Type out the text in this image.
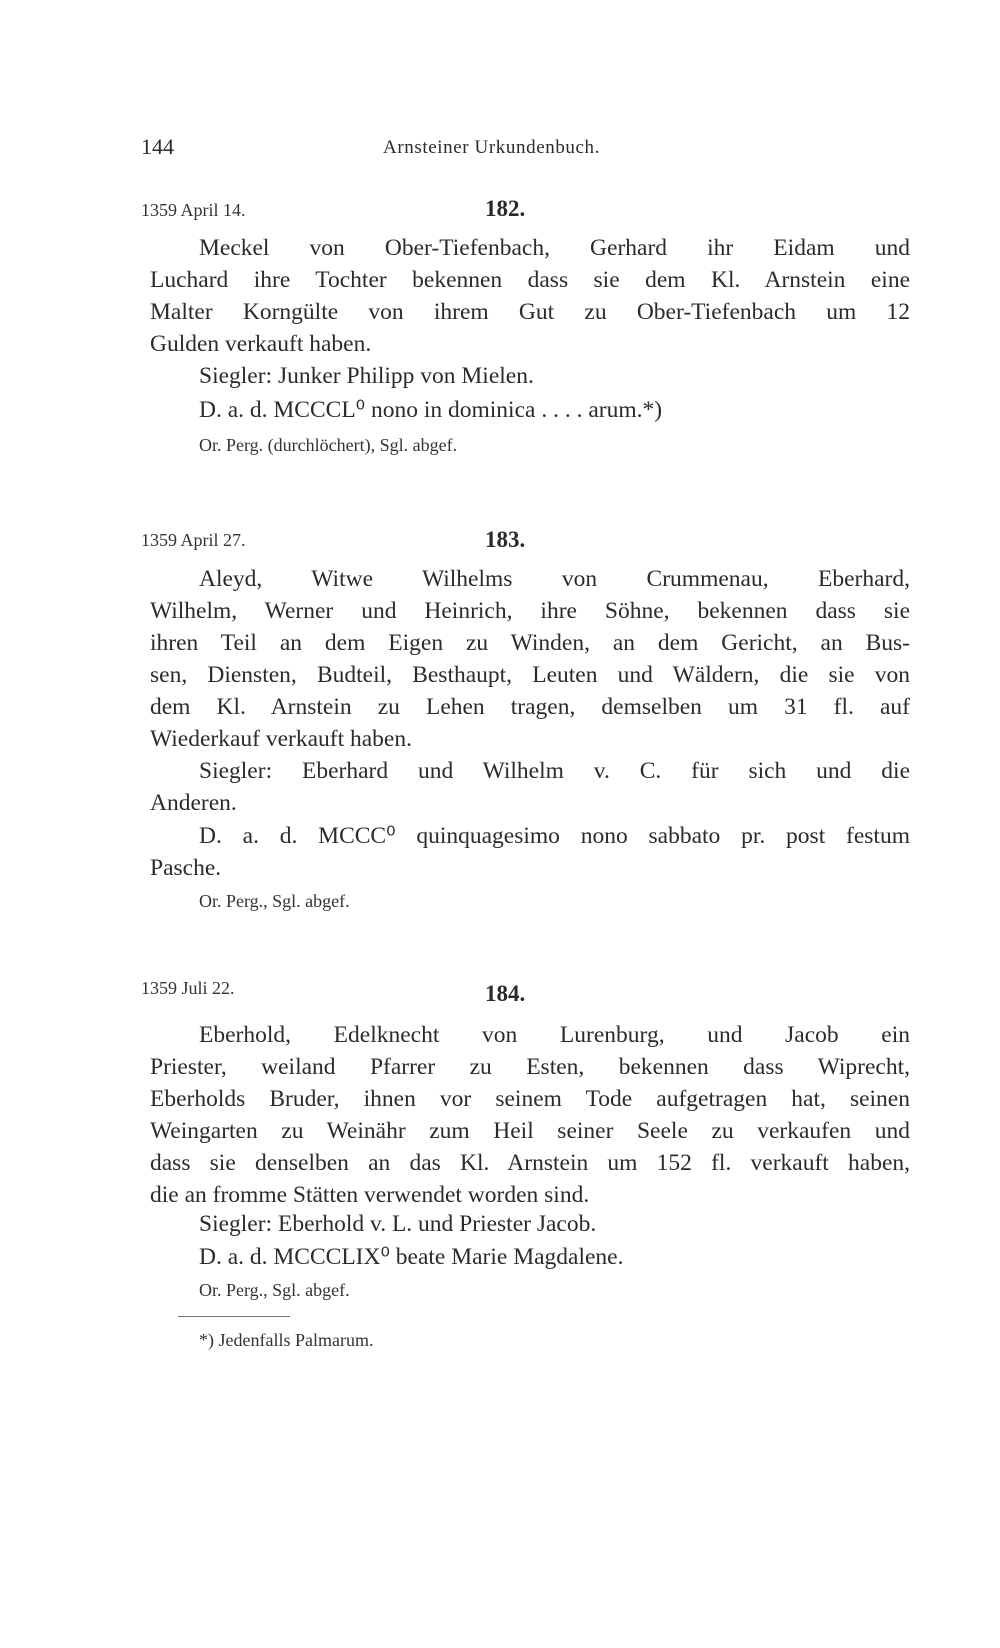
144	Arnsteiner Urkundenbuch.
1359 April 14.	182.
Meckel von Ober-Tiefenbach, Gerhard ihr Eidam und
Luchard ihre Tochter bekennen dass sie dem Kl. Arnstein eine
Malter Korngülte von ihrem Gut zu Ober-Tiefenbach um 12
Gulden verkauft haben.
Siegler: Junker Philipp von Mielen.
D. a. d. MCCCL⁰ nono in dominica . . . . arum.*)
Or. Perg. (durchlöchert), Sgl. abgef.
1359 April 27.	183.
Aleyd, Witwe Wilhelms von Crummenau, Eberhard,
Wilhelm, Werner und Heinrich, ihre Söhne, bekennen dass sie
ihren Teil an dem Eigen zu Winden, an dem Gericht, an Bus-
sen, Diensten, Budteil, Besthaupt, Leuten und Wäldern, die sie von
dem Kl. Arnstein zu Lehen tragen, demselben um 31 fl. auf
Wiederkauf verkauft haben.
Siegler: Eberhard und Wilhelm v. C. für sich und die
Anderen.
D. a. d. MCCC⁰ quinquagesimo nono sabbato pr. post festum
Pasche.
Or. Perg., Sgl. abgef.
1359 Juli 22.	184.
Eberhold, Edelknecht von Lurenburg, und Jacob ein
Priester, weiland Pfarrer zu Esten, bekennen dass Wiprecht,
Eberholds Bruder, ihnen vor seinem Tode aufgetragen hat, seinen
Weingarten zu Weinähr zum Heil seiner Seele zu verkaufen und
dass sie denselben an das Kl. Arnstein um 152 fl. verkauft haben,
die an fromme Stätten verwendet worden sind.
Siegler: Eberhold v. L. und Priester Jacob.
D. a. d. MCCCLIX⁰ beate Marie Magdalene.
Or. Perg., Sgl. abgef.
*) Jedenfalls Palmarum.
